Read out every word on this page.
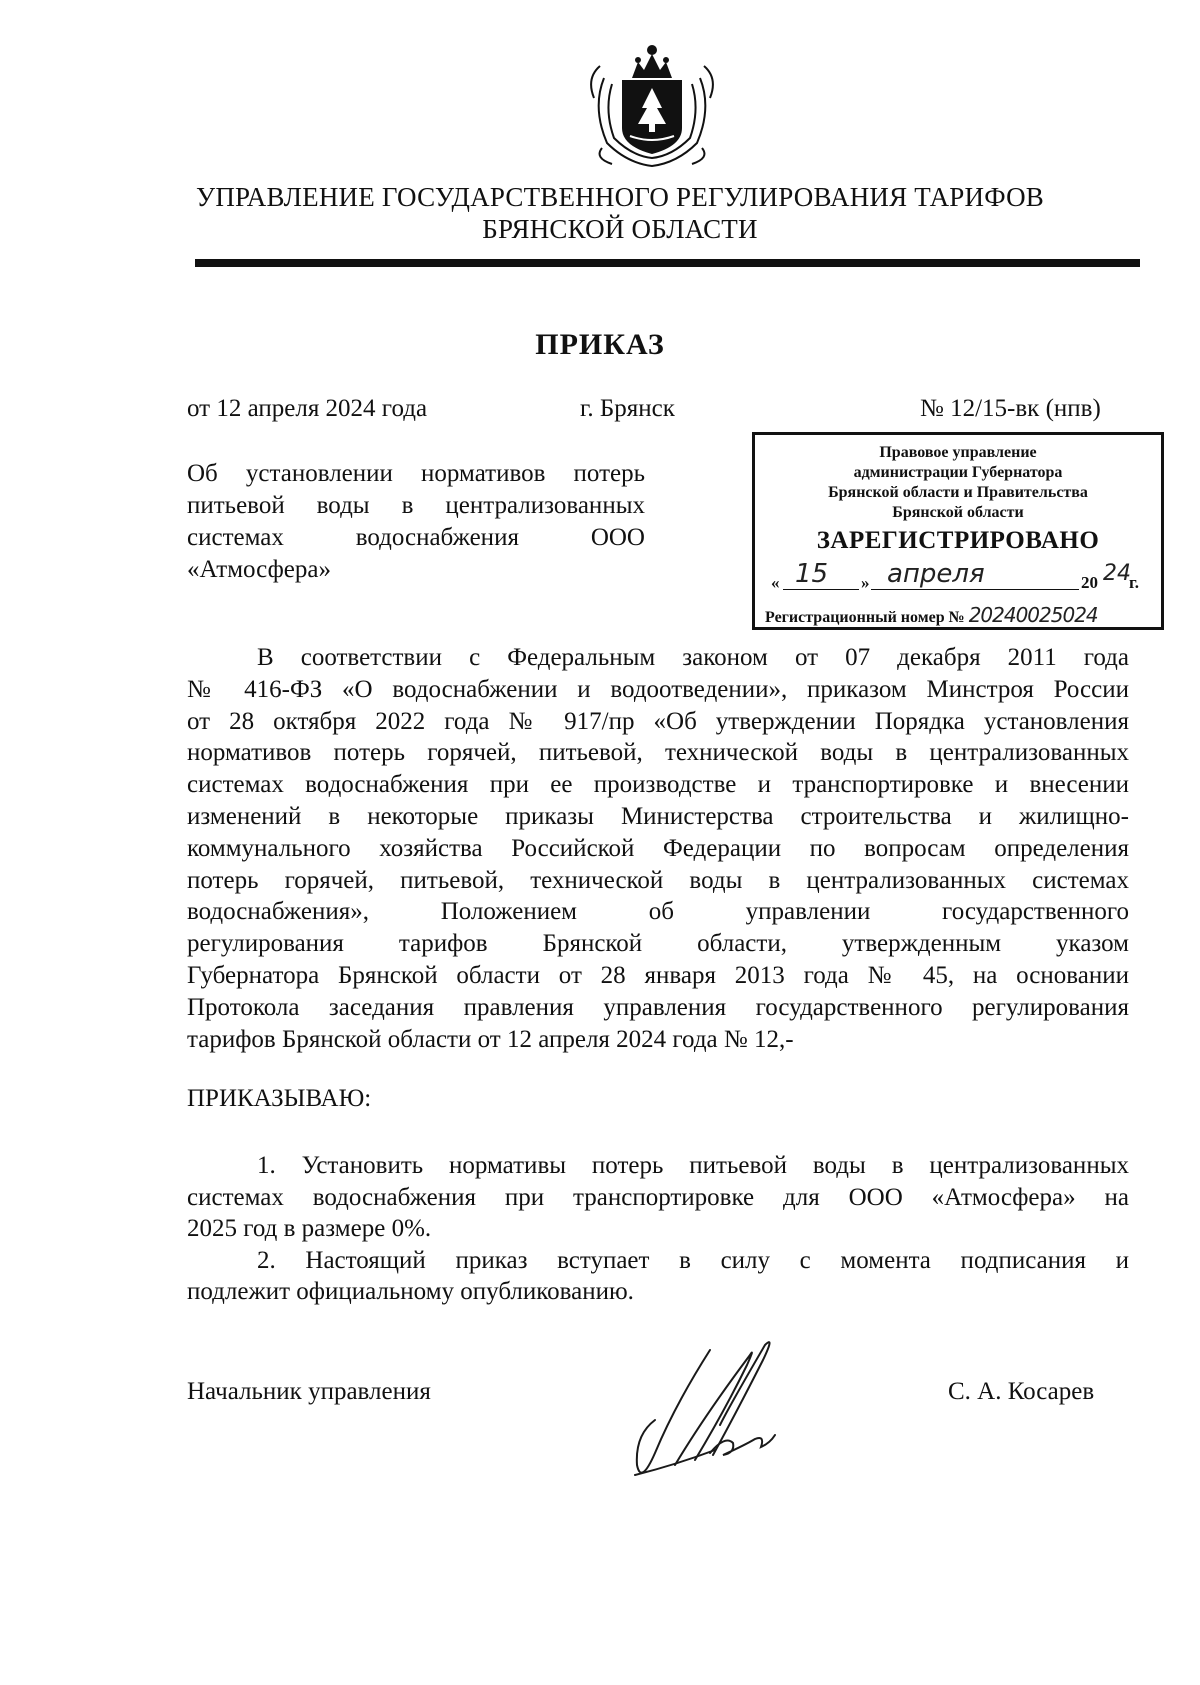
УПРАВЛЕНИЕ ГОСУДАРСТВЕННОГО РЕГУЛИРОВАНИЯ ТАРИФОВ
БРЯНСКОЙ ОБЛАСТИ
ПРИКАЗ
от 12 апреля 2024 года	г. Брянск	№ 12/15-вк (нпв)
Об установлении нормативов потерь
питьевой воды в централизованных
системах водоснабжения ООО
«Атмосфера»
Правовое управление
администрации Губернатора
Брянской области и Правительства
Брянской области
ЗАРЕГИСТРИРОВАНО
« 15 » апреля	20 24
г.
Регистрационный номер № 20240025024
В соответствии с Федеральным законом от 07 декабря 2011 года
№ 416-ФЗ «О водоснабжении и водоотведении», приказом Минстроя России
от 28 октября 2022 года № 917/пр «Об утверждении Порядка установления
нормативов потерь горячей, питьевой, технической воды в централизованных
системах водоснабжения при ее производстве и транспортировке и внесении
изменений в некоторые приказы Министерства строительства и жилищно-
коммунального хозяйства Российской Федерации по вопросам определения
потерь горячей, питьевой, технической воды в централизованных системах
водоснабжения», Положением об управлении государственного
регулирования тарифов Брянской области, утвержденным указом
Губернатора Брянской области от 28 января 2013 года № 45, на основании
Протокола заседания правления управления государственного регулирования
тарифов Брянской области от 12 апреля 2024 года № 12,-
ПРИКАЗЫВАЮ:
1. Установить нормативы потерь питьевой воды в централизованных
системах водоснабжения при транспортировке для ООО «Атмосфера» на
2025 год в размере 0%.
2. Настоящий приказ вступает в силу с момента подписания и
подлежит официальному опубликованию.
Начальник управления	С. А. Косарев
